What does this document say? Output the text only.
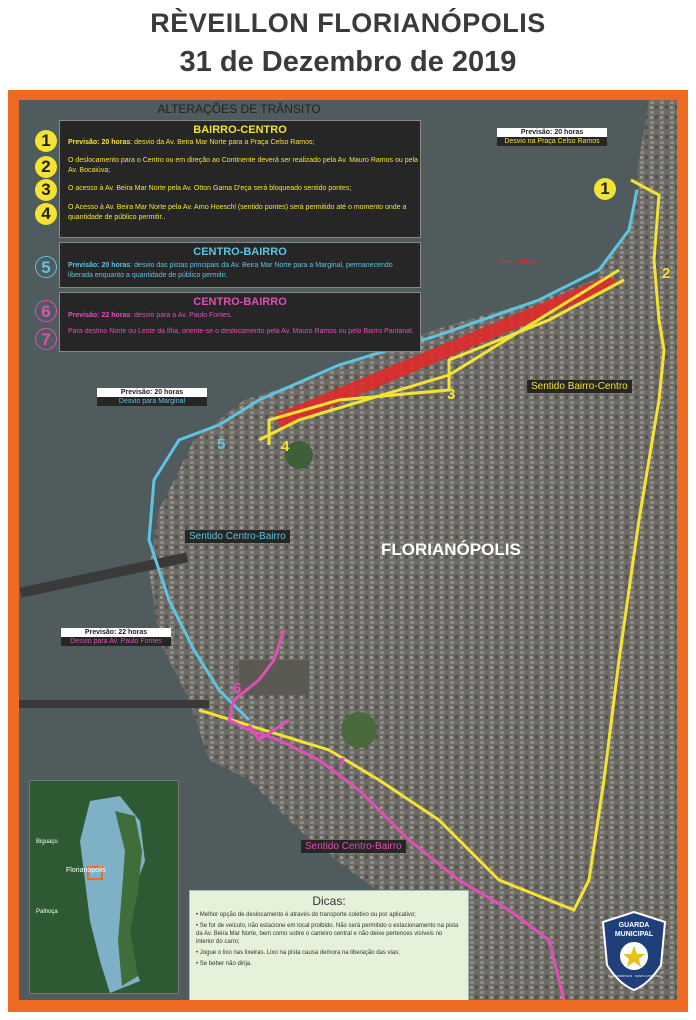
RÈVEILLON FLORIANÓPOLIS
31 de Dezembro de 2019
ALTERAÇÕES DE TRÂNSITO
BAIRRO-CENTRO
Previsão: 20 horas: desvio da Av. Beira Mar Norte para a Praça Celso Ramos;
O deslocamento para o Centro ou em direção ao Continente deverá ser realizado pela Av. Mauro Ramos ou pela Av. Bocaiúva;
O acesso à Av. Beira Mar Norte pela Av. Otton Gama D'eça será bloqueado sentido pontes;
O Acesso à Av. Beira Mar Norte pela Av. Arno Hoeschl (sentido pontes) será permitido até o momento onde a quantidade de público permitir..
1
2
3
4
CENTRO-BAIRRO
Previsão: 20 horas: desvio das pistas principais da Av. Beira Mar Norte para a Marginal, permanecendo liberada enquanto a quantidade de público permitir.
5
CENTRO-BAIRRO
Previsão: 22 horas: desvio para a Av. Paulo Fontes.
Para destino Norte ou Leste da Ilha, oriente-se o deslocamento pela Av. Mauro Ramos ou pelo Bairro Pantanal.
6
7
Previsão: 20 horas
Desvio na Praça Celso Ramos
Previsão: 20 horas
Desvio para Marginal
Previsão: 22 horas
Desvio para Av. Paulo Fontes
Área Público
Sentido Bairro-Centro
Sentido Centro-Bairro
Sentido Centro-Bairro
FLORIANÓPOLIS
1
2
3
4
5
6
7
Biguaçu
Florianópolis
Palhoça
Dicas:
• Melhor opção de deslocamento é através do transporte coletivo ou por aplicativo;
• Se for de veículo, não estacione em local proibido. Não será permitido o estacionamento na pista da Av. Beira Mar Norte, bem como sobre o canteiro central e não deixe pertences visíveis no interior do carro;
• Jogue o lixo nas lixeiras. Lixo na pista causa demora na liberação das vias;
• Se beber não dirija.
GUARDA
MUNICIPAL
FLORIANÓPOLIS · SANTA CATARINA
